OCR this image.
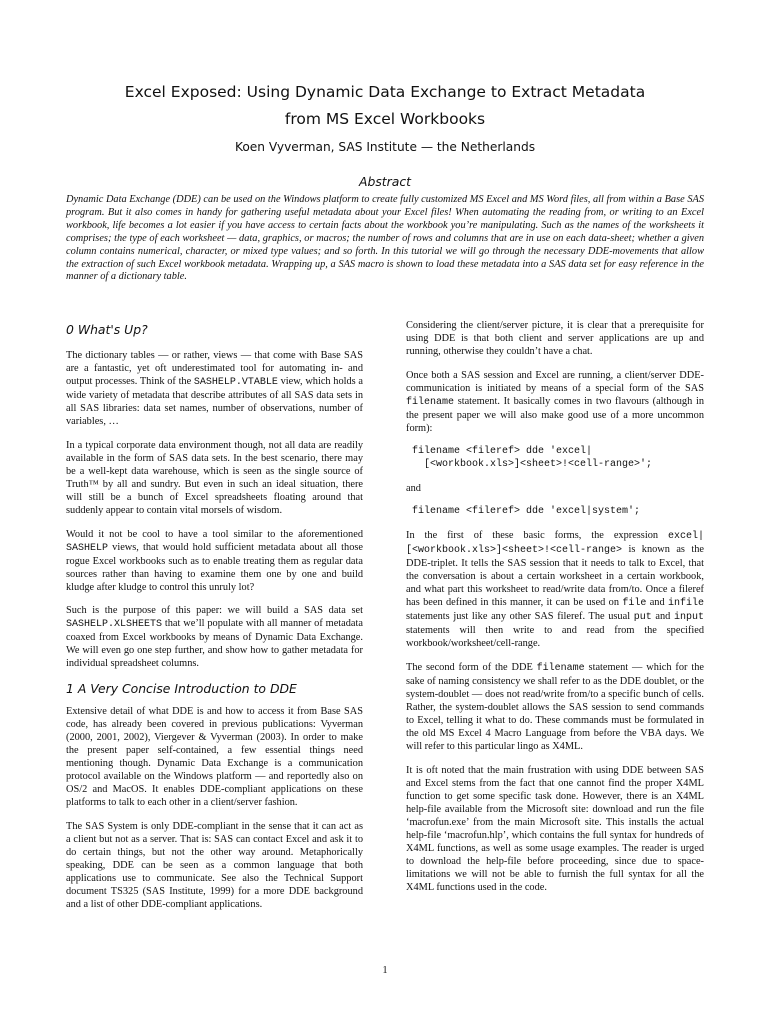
Excel Exposed: Using Dynamic Data Exchange to Extract Metadata
from MS Excel Workbooks
Koen Vyverman, SAS Institute — the Netherlands
Abstract

Dynamic Data Exchange (DDE) can be used on the Windows platform to create fully customized MS Excel and MS Word files, all from within a Base SAS program. But it also comes in handy for gathering useful metadata about your Excel files! When automating the reading from, or writing to an Excel workbook, life becomes a lot easier if you have access to certain facts about the workbook you’re manipulating. Such as the names of the worksheets it comprises; the type of each worksheet — data, graphics, or macros; the number of rows and columns that are in use on each data-sheet; whether a given column contains numerical, character, or mixed type values; and so forth. In this tutorial we will go through the necessary DDE-movements that allow the extraction of such Excel workbook metadata. Wrapping up, a SAS macro is shown to load these metadata into a SAS data set for easy reference in the manner of a dictionary table.

0 What's Up?

The dictionary tables — or rather, views — that come with Base SAS are a fantastic, yet oft underestimated tool for automating in- and output processes. Think of the SASHELP.VTABLE view, which holds a wide variety of metadata that describe attributes of all SAS data sets in all SAS libraries: data set names, number of observations, number of variables, …

In a typical corporate data environment though, not all data are readily available in the form of SAS data sets. In the best scenario, there may be a well-kept data warehouse, which is seen as the single source of Truth™ by all and sundry. But even in such an ideal situation, there will still be a bunch of Excel spreadsheets floating around that suddenly appear to contain vital morsels of wisdom.

Would it not be cool to have a tool similar to the aforementioned SASHELP views, that would hold sufficient metadata about all those rogue Excel workbooks such as to enable treating them as regular data sources rather than having to examine them one by one and build kludge after kludge to control this unruly lot?

Such is the purpose of this paper: we will build a SAS data set SASHELP.XLSHEETS that we’ll populate with all manner of metadata coaxed from Excel workbooks by means of Dynamic Data Exchange. We will even go one step further, and show how to gather metadata for individual spreadsheet columns.

1 A Very Concise Introduction to DDE

Extensive detail of what DDE is and how to access it from Base SAS code, has already been covered in previous publications: Vyverman (2000, 2001, 2002), Viergever & Vyverman (2003). In order to make the present paper self-contained, a few essential things need mentioning though. Dynamic Data Exchange is a communication protocol available on the Windows platform — and reportedly also on OS/2 and MacOS. It enables DDE-compliant applications on these platforms to talk to each other in a client/server fashion.

The SAS System is only DDE-compliant in the sense that it can act as a client but not as a server. That is: SAS can contact Excel and ask it to do certain things, but not the other way around. Metaphorically speaking, DDE can be seen as a common language that both applications use to communicate. See also the Technical Support document TS325 (SAS Institute, 1999) for a more DDE background and a list of other DDE-compliant applications.

Considering the client/server picture, it is clear that a prerequisite for using DDE is that both client and server applications are up and running, otherwise they couldn’t have a chat.

Once both a SAS session and Excel are running, a client/server DDE-communication is initiated by means of a special form of the SAS filename statement. It basically comes in two flavours (although in the present paper we will also make good use of a more uncommon form):

filename <fileref> dde 'excel|
[<workbook.xls>]<sheet>!<cell-range>';

and

filename <fileref> dde 'excel|system';

In the first of these basic forms, the expression excel|[<workbook.xls>]<sheet>!<cell-range> is known as the DDE-triplet. It tells the SAS session that it needs to talk to Excel, that the conversation is about a certain worksheet in a certain workbook, and what part this worksheet to read/write data from/to. Once a fileref has been defined in this manner, it can be used on file and infile statements just like any other SAS fileref. The usual put and input statements will then write to and read from the specified workbook/worksheet/cell-range.

The second form of the DDE filename statement — which for the sake of naming consistency we shall refer to as the DDE doublet, or the system-doublet — does not read/write from/to a specific bunch of cells. Rather, the system-doublet allows the SAS session to send commands to Excel, telling it what to do. These commands must be formulated in the old MS Excel 4 Macro Language from before the VBA days. We will refer to this particular lingo as X4ML.

It is oft noted that the main frustration with using DDE between SAS and Excel stems from the fact that one cannot find the proper X4ML function to get some specific task done. However, there is an X4ML help-file available from the Microsoft site: download and run the file ‘macrofun.exe’ from the main Microsoft site. This installs the actual help-file ‘macrofun.hlp’, which contains the full syntax for hundreds of X4ML functions, as well as some usage examples. The reader is urged to download the help-file before proceeding, since due to space-limitations we will not be able to furnish the full syntax for all the X4ML functions used in the code.

1
